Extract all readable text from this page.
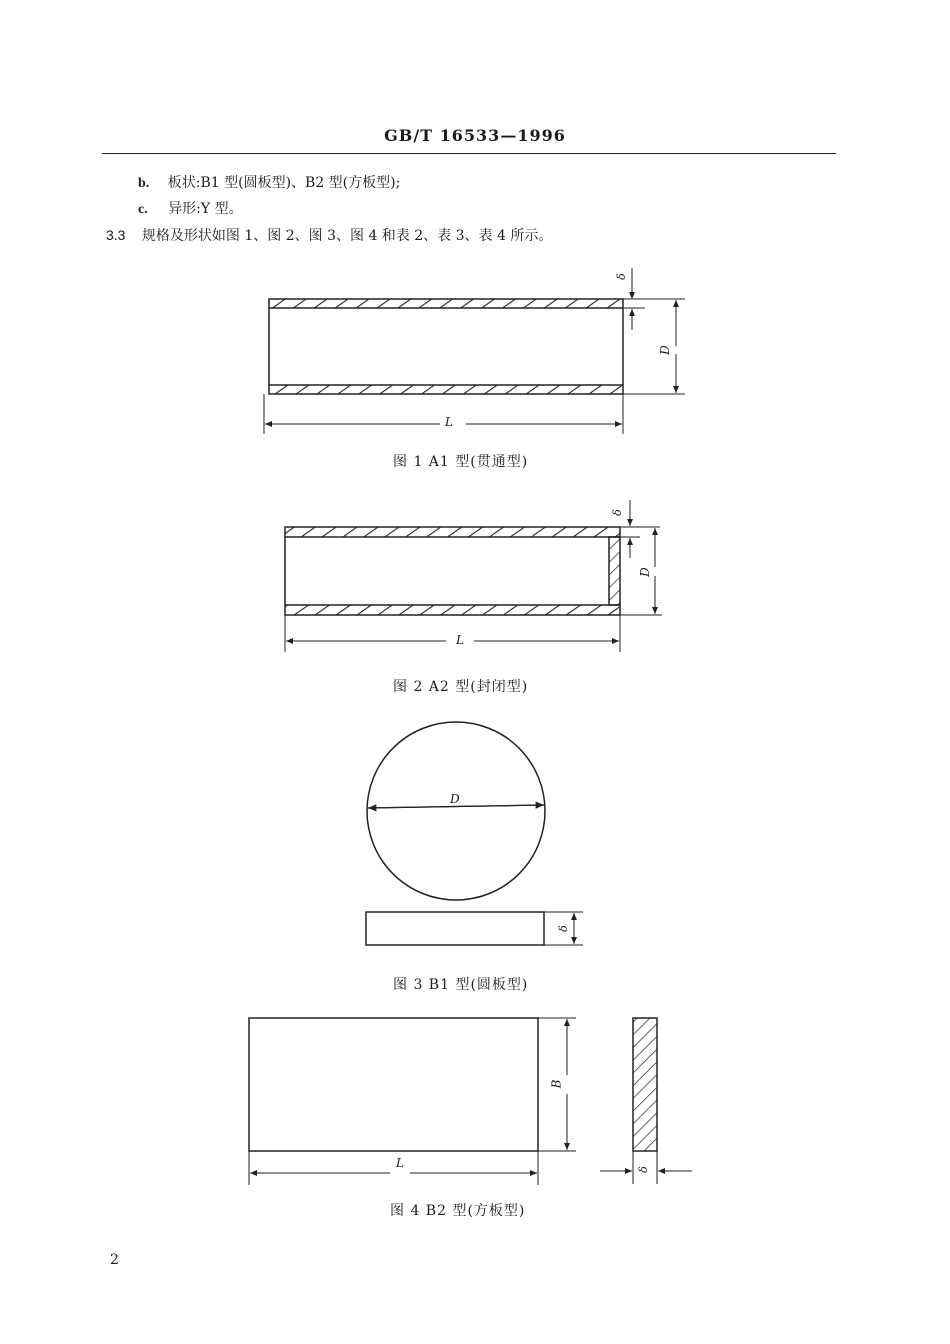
GB/T 16533—1996
b. 板状:B1 型(圆板型)、B2 型(方板型);
c. 异形:Y 型。
3.3 规格及形状如图 1、图 2、图 3、图 4 和表 2、表 3、表 4 所示。
L
D
δ
图 1 A1 型(贯通型)
L
D
δ
图 2 A2 型(封闭型)
D
δ
图 3 B1 型(圆板型)
L
B
δ
图 4 B2 型(方板型)
2
